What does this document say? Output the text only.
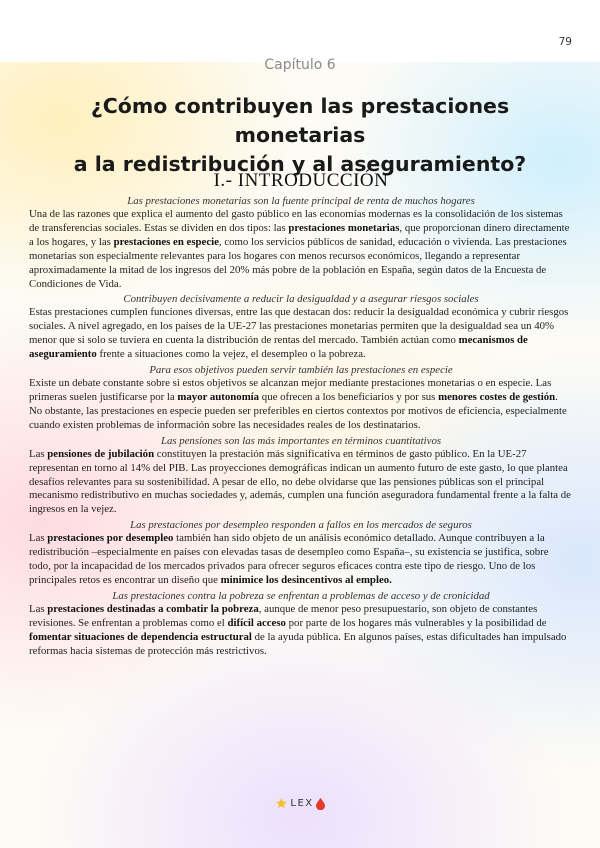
79
Capítulo 6
¿Cómo contribuyen las prestaciones monetarias
a la redistribución y al aseguramiento?
I.- INTRODUCCIÓN
Las prestaciones monetarias son la fuente principal de renta de muchos hogares

Una de las razones que explica el aumento del gasto público en las economías modernas es la consolidación de los sistemas de transferencias sociales. Estas se dividen en dos tipos: las prestaciones monetarias, que proporcionan dinero directamente a los hogares, y las prestaciones en especie, como los servicios públicos de sanidad, educación o vivienda. Las prestaciones monetarias son especialmente relevantes para los hogares con menos recursos económicos, llegando a representar aproximadamente la mitad de los ingresos del 20% más pobre de la población en España, según datos de la Encuesta de Condiciones de Vida.

Contribuyen decisivamente a reducir la desigualdad y a asegurar riesgos sociales

Estas prestaciones cumplen funciones diversas, entre las que destacan dos: reducir la desigualdad económica y cubrir riesgos sociales. A nivel agregado, en los países de la UE-27 las prestaciones monetarias permiten que la desigualdad sea un 40% menor que si solo se tuviera en cuenta la distribución de rentas del mercado. También actúan como mecanismos de aseguramiento frente a situaciones como la vejez, el desempleo o la pobreza.

Para esos objetivos pueden servir también las prestaciones en especie

Existe un debate constante sobre si estos objetivos se alcanzan mejor mediante prestaciones monetarias o en especie. Las primeras suelen justificarse por la mayor autonomía que ofrecen a los beneficiarios y por sus menores costes de gestión. No obstante, las prestaciones en especie pueden ser preferibles en ciertos contextos por motivos de eficiencia, especialmente cuando existen problemas de información sobre las necesidades reales de los destinatarios.

Las pensiones son las más importantes en términos cuantitativos

Las pensiones de jubilación constituyen la prestación más significativa en términos de gasto público. En la UE-27 representan en torno al 14% del PIB. Las proyecciones demográficas indican un aumento futuro de este gasto, lo que plantea desafíos relevantes para su sostenibilidad. A pesar de ello, no debe olvidarse que las pensiones públicas son el principal mecanismo redistributivo en muchas sociedades y, además, cumplen una función aseguradora fundamental frente a la falta de ingresos en la vejez.

Las prestaciones por desempleo responden a fallos en los mercados de seguros

Las prestaciones por desempleo también han sido objeto de un análisis económico detallado. Aunque contribuyen a la redistribución –especialmente en países con elevadas tasas de desempleo como España–, su existencia se justifica, sobre todo, por la incapacidad de los mercados privados para ofrecer seguros eficaces contra este tipo de riesgo. Uno de los principales retos es encontrar un diseño que minimice los desincentivos al empleo.

Las prestaciones contra la pobreza se enfrentan a problemas de acceso y de cronicidad

Las prestaciones destinadas a combatir la pobreza, aunque de menor peso presupuestario, son objeto de constantes revisiones. Se enfrentan a problemas como el difícil acceso por parte de los hogares más vulnerables y la posibilidad de fomentar situaciones de dependencia estructural de la ayuda pública. En algunos países, estas dificultades han impulsado reformas hacia sistemas de protección más restrictivos.

LEX
